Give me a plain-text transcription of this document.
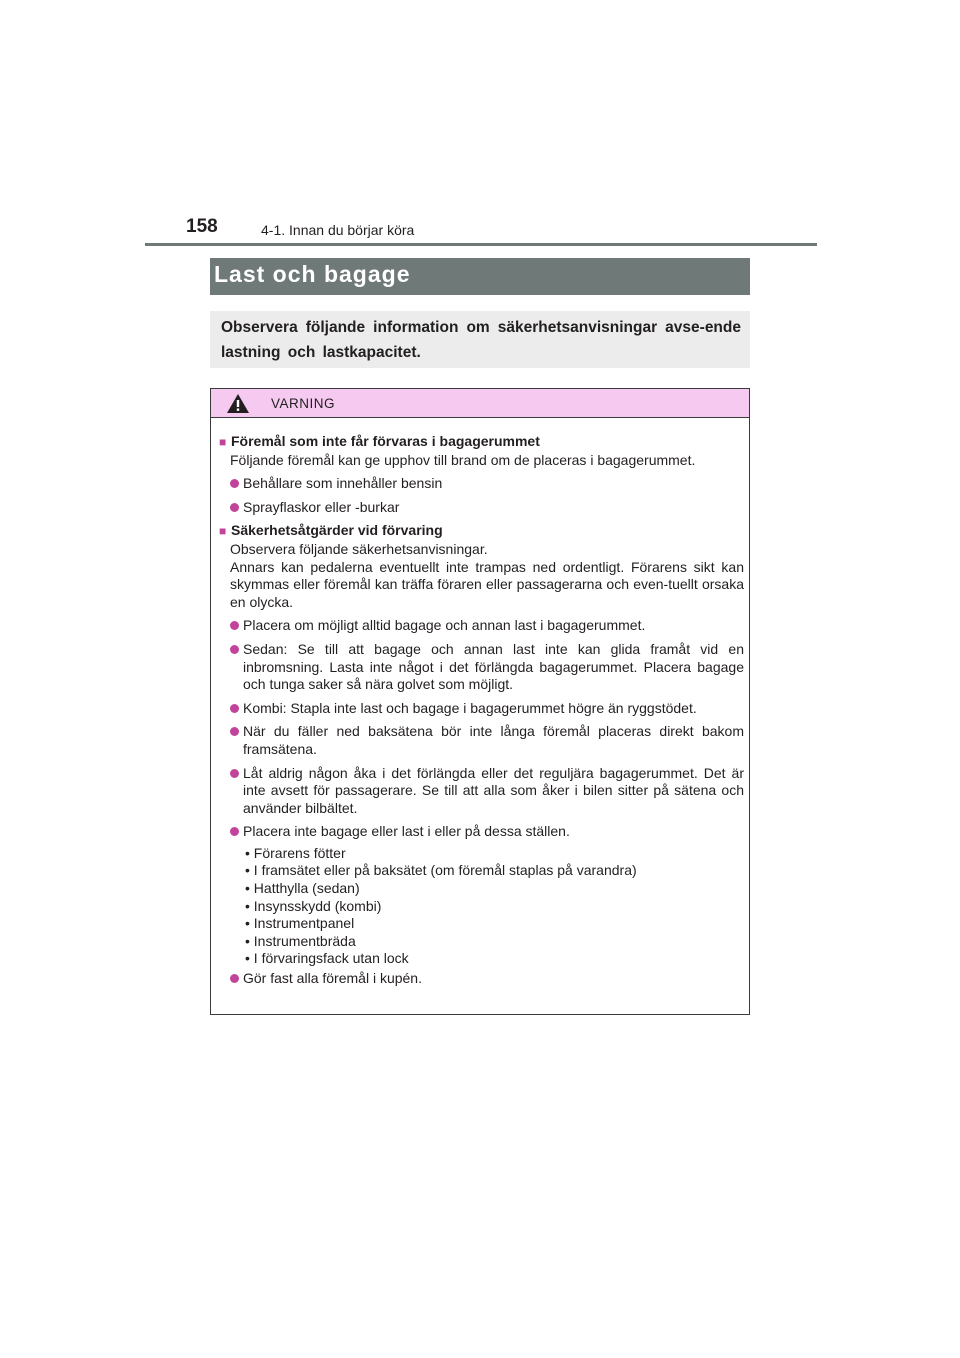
158	4-1. Innan du börjar köra
Last och bagage
Observera följande information om säkerhetsanvisningar avse-ende lastning och lastkapacitet.
VARNING
■ Föremål som inte får förvaras i bagagerummet
Följande föremål kan ge upphov till brand om de placeras i bagagerummet.
Behållare som innehåller bensin
Sprayflaskor eller -burkar
■ Säkerhetsåtgärder vid förvaring
Observera följande säkerhetsanvisningar.
Annars kan pedalerna eventuellt inte trampas ned ordentligt. Förarens sikt kan skymmas eller föremål kan träffa föraren eller passagerarna och even-tuellt orsaka en olycka.
Placera om möjligt alltid bagage och annan last i bagagerummet.
Sedan: Se till att bagage och annan last inte kan glida framåt vid en inbromsning. Lasta inte något i det förlängda bagagerummet. Placera bagage och tunga saker så nära golvet som möjligt.
Kombi: Stapla inte last och bagage i bagagerummet högre än ryggstödet.
När du fäller ned baksätena bör inte långa föremål placeras direkt bakom framsätena.
Låt aldrig någon åka i det förlängda eller det reguljära bagagerummet. Det är inte avsett för passagerare. Se till att alla som åker i bilen sitter på sätena och använder bilbältet.
Placera inte bagage eller last i eller på dessa ställen.
• Förarens fötter
• I framsätet eller på baksätet (om föremål staplas på varandra)
• Hatthylla (sedan)
• Insynsskydd (kombi)
• Instrumentpanel
• Instrumentbräda
• I förvaringsfack utan lock
Gör fast alla föremål i kupén.
